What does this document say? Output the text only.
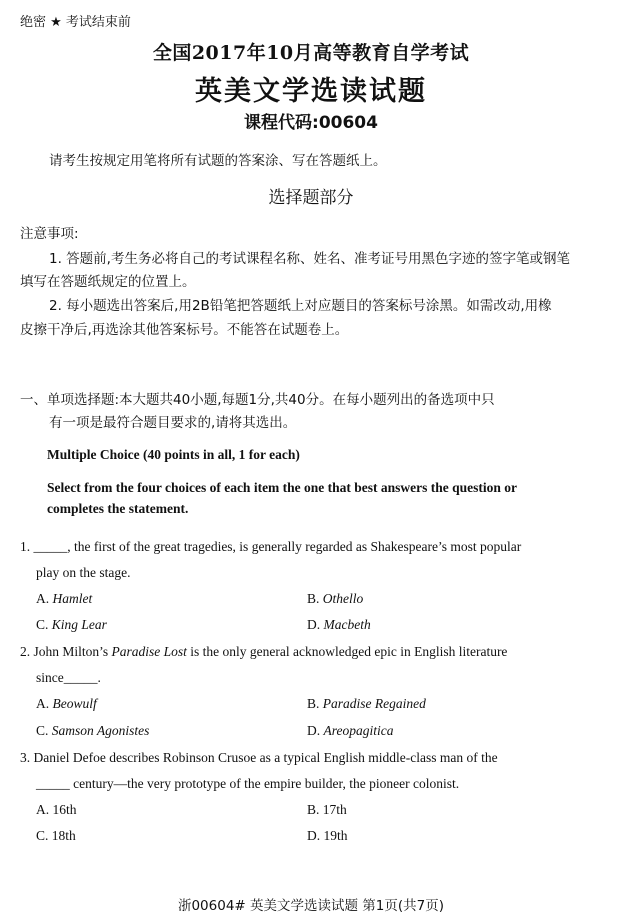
绝密 ★ 考试结束前
全国2017年10月高等教育自学考试
英美文学选读试题
课程代码:00604
请考生按规定用笔将所有试题的答案涂、写在答题纸上。
选择题部分
注意事项:
1. 答题前,考生务必将自己的考试课程名称、姓名、准考证号用黑色字迹的签字笔或钢笔
填写在答题纸规定的位置上。
2. 每小题选出答案后,用2B铅笔把答题纸上对应题目的答案标号涂黑。如需改动,用橡
皮擦干净后,再选涂其他答案标号。不能答在试题卷上。
一、单项选择题:本大题共40小题,每题1分,共40分。在每小题列出的备选项中只
有一项是最符合题目要求的,请将其选出。
Multiple Choice (40 points in all, 1 for each)
Select from the four choices of each item the one that best answers the question or
completes the statement.
1. _____, the first of the great tragedies, is generally regarded as Shakespeare’s most popular
play on the stage.
A. Hamlet	B. Othello
C. King Lear	D. Macbeth
2. John Milton’s Paradise Lost is the only general acknowledged epic in English literature
since_____.
A. Beowulf	B. Paradise Regained
C. Samson Agonistes	D. Areopagitica
3. Daniel Defoe describes Robinson Crusoe as a typical English middle-class man of the
_____ century—the very prototype of the empire builder, the pioneer colonist.
A. 16th	B. 17th
C. 18th	D. 19th
浙00604# 英美文学选读试题 第1页(共7页)
